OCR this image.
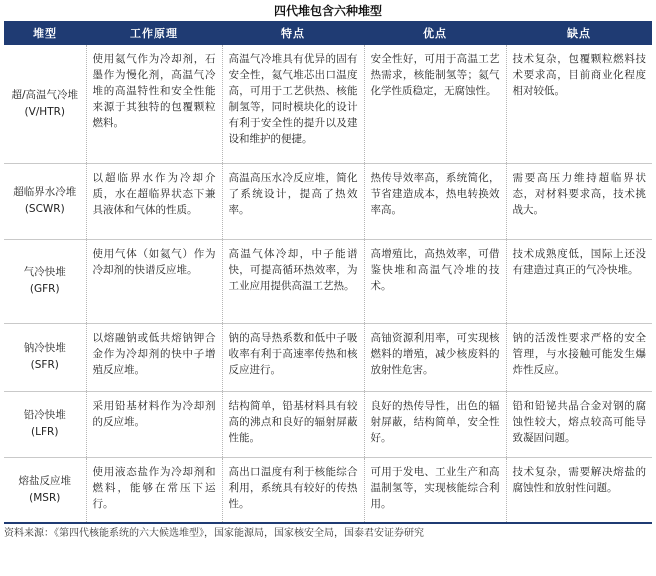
四代堆包含六种堆型
堆型	工作原理	特点	优点	缺点
超/高温气冷堆
(V/HTR)	使用氦气作为冷却剂，石墨作为慢化剂，高温气冷堆的高温特性和安全性能来源于其独特的包覆颗粒燃料。	高温气冷堆具有优异的固有安全性，氦气堆芯出口温度高，可用于工艺供热、核能制氢等，同时模块化的设计有利于安全性的提升以及建设和维护的便捷。	安全性好，可用于高温工艺热需求，核能制氢等；氦气化学性质稳定，无腐蚀性。	技术复杂，包覆颗粒燃料技术要求高，目前商业化程度相对较低。
超临界水冷堆
(SCWR)	以超临界水作为冷却介质，水在超临界状态下兼具液体和气体的性质。	高温高压水冷反应堆，简化了系统设计，提高了热效率。	热传导效率高，系统简化，节省建造成本，热电转换效率高。	需要高压力维持超临界状态，对材料要求高，技术挑战大。
气冷快堆
(GFR)	使用气体（如氦气）作为冷却剂的快谱反应堆。	高温气体冷却，中子能谱快，可提高循环热效率，为工业应用提供高温工艺热。	高增殖比，高热效率，可借鉴快堆和高温气冷堆的技术。	技术成熟度低，国际上还没有建造过真正的气冷快堆。
钠冷快堆
(SFR)	以熔融钠或低共熔钠钾合金作为冷却剂的快中子增殖反应堆。	钠的高导热系数和低中子吸收率有利于高速率传热和核反应进行。	高铀资源利用率，可实现核燃料的增殖，减少核废料的放射性危害。	钠的活泼性要求严格的安全管理，与水接触可能发生爆炸性反应。
铅冷快堆
(LFR)	采用铅基材料作为冷却剂的反应堆。	结构简单，铅基材料具有较高的沸点和良好的辐射屏蔽性能。	良好的热传导性，出色的辐射屏蔽，结构简单，安全性好。	铅和铅铋共晶合金对钢的腐蚀性较大，熔点较高可能导致凝固问题。
熔盐反应堆
(MSR)	使用液态盐作为冷却剂和燃料，能够在常压下运行。	高出口温度有利于核能综合利用，系统具有较好的传热性。	可用于发电、工业生产和高温制氢等，实现核能综合利用。	技术复杂，需要解决熔盐的腐蚀性和放射性问题。
资料来源：《第四代核能系统的六大候选堆型》，国家能源局，国家核安全局，国泰君安证券研究
